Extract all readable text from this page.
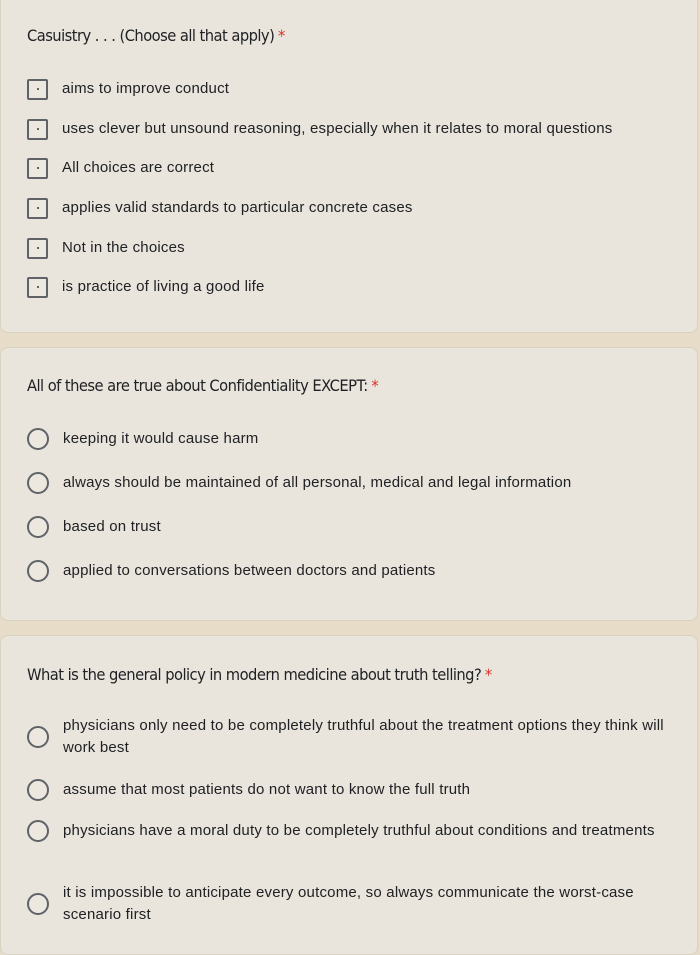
Casuistry . . . (Choose all that apply) *
aims to improve conduct
uses clever but unsound reasoning, especially when it relates to moral questions
All choices are correct
applies valid standards to particular concrete cases
Not in the choices
is practice of living a good life
All of these are true about Confidentiality EXCEPT: *
keeping it would cause harm
always should be maintained of all personal, medical and legal information
based on trust
applied to conversations between doctors and patients
What is the general policy in modern medicine about truth telling? *
physicians only need to be completely truthful about the treatment options they think will work best
assume that most patients do not want to know the full truth
physicians have a moral duty to be completely truthful about conditions and treatments
it is impossible to anticipate every outcome, so always communicate the worst-case scenario first
